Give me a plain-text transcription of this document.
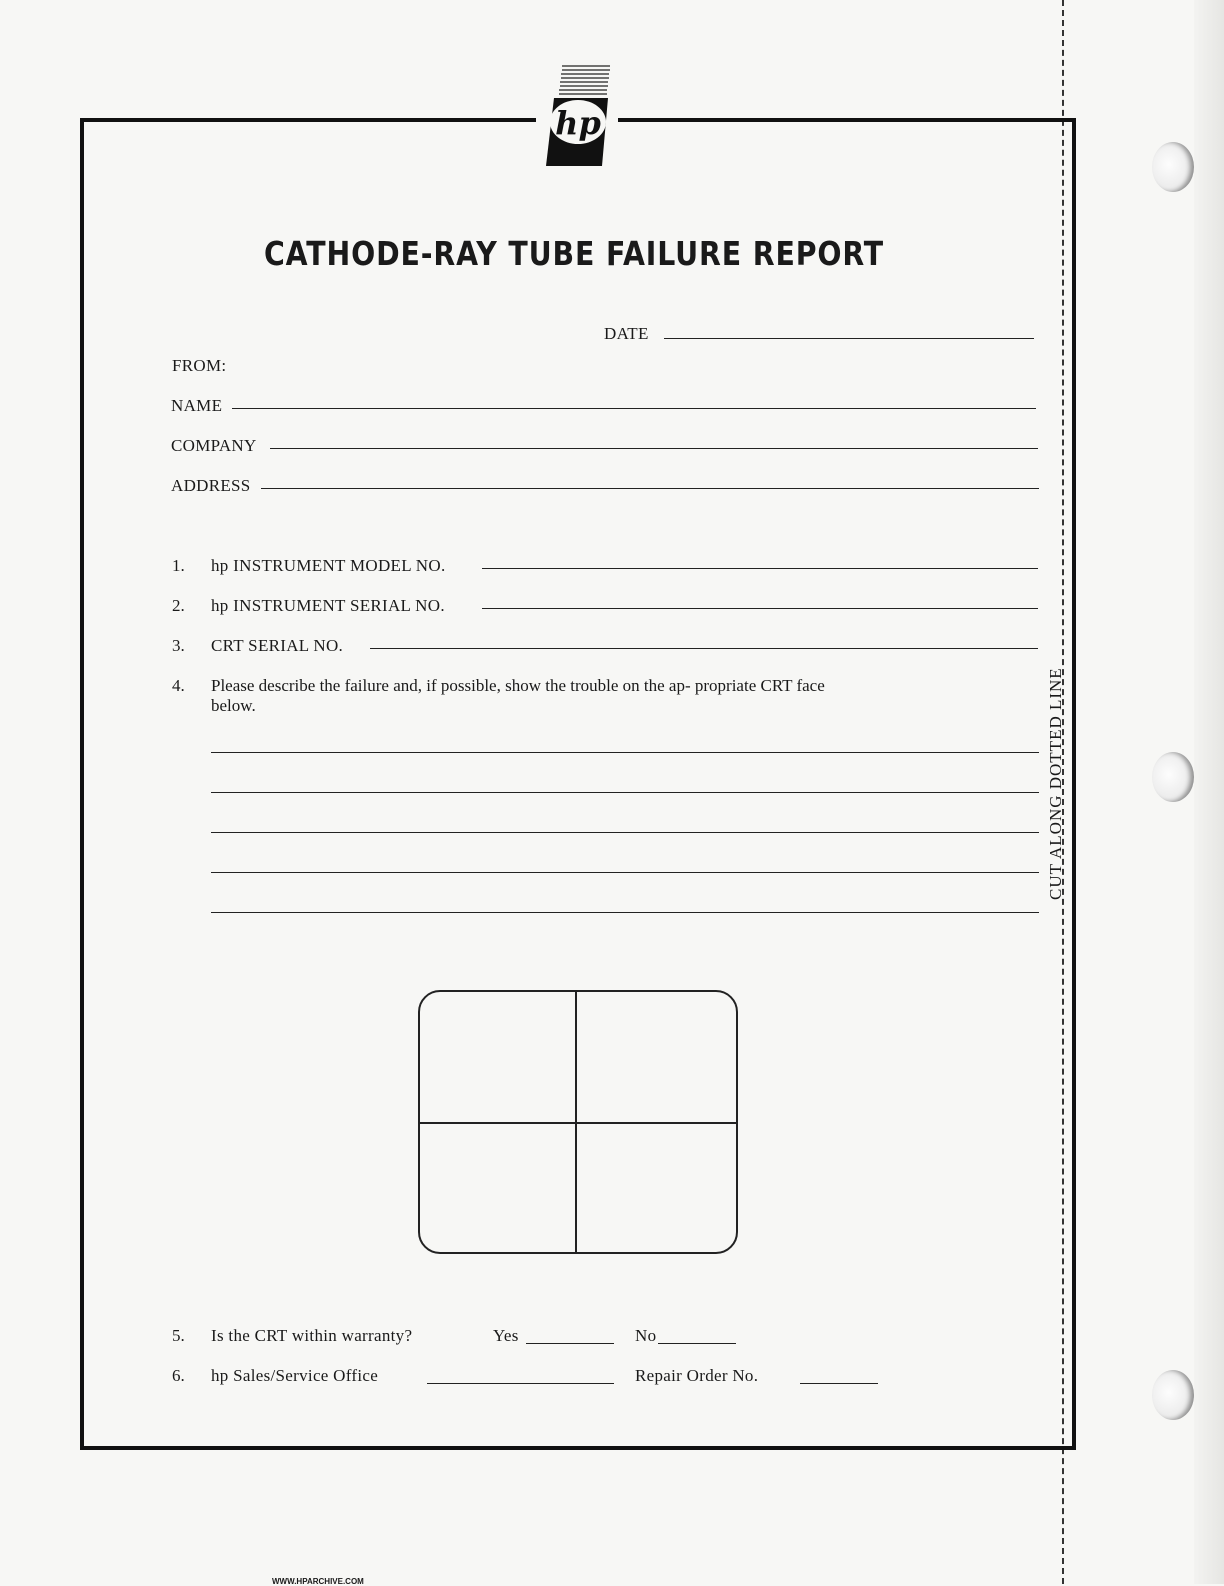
CUT ALONG DOTTED LINE
hp
CATHODE-RAY TUBE FAILURE REPORT
DATE
FROM:
NAME
COMPANY
ADDRESS
1. hp INSTRUMENT MODEL NO.
2. hp INSTRUMENT SERIAL NO.
3. CRT SERIAL NO.
4. Please describe the failure and, if possible, show the trouble on the ap- propriate CRT face below.
5. Is the CRT within warranty?	Yes	No
6. hp Sales/Service Office	Repair Order No.
WWW.HPARCHIVE.COM
